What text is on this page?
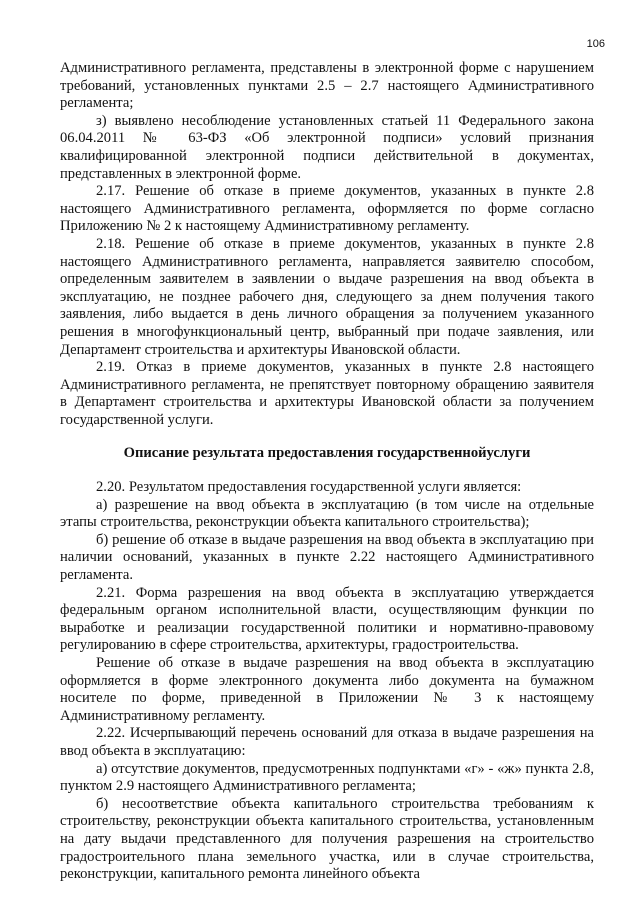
106

Административного регламента, представлены в электронной форме с нарушением требований, установленных пунктами 2.5 – 2.7 настоящего Административного регламента;

з) выявлено несоблюдение установленных статьей 11 Федерального закона 06.04.2011 № 63-ФЗ «Об электронной подписи» условий признания квалифицированной электронной подписи действительной в документах, представленных в электронной форме.

2.17. Решение об отказе в приеме документов, указанных в пункте 2.8 настоящего Административного регламента, оформляется по форме согласно Приложению № 2 к настоящему Административному регламенту.

2.18. Решение об отказе в приеме документов, указанных в пункте 2.8 настоящего Административного регламента, направляется заявителю способом, определенным заявителем в заявлении о выдаче разрешения на ввод объекта в эксплуатацию, не позднее рабочего дня, следующего за днем получения такого заявления, либо выдается в день личного обращения за получением указанного решения в многофункциональный центр, выбранный при подаче заявления, или Департамент строительства и архитектуры Ивановской области.

2.19. Отказ в приеме документов, указанных в пункте 2.8 настоящего Административного регламента, не препятствует повторному обращению заявителя в Департамент строительства и архитектуры Ивановской области за получением государственной услуги.

Описание результата предоставления государственнойуслуги

2.20. Результатом предоставления государственной услуги является:

а) разрешение на ввод объекта в эксплуатацию (в том числе на отдельные этапы строительства, реконструкции объекта капитального строительства);

б) решение об отказе в выдаче разрешения на ввод объекта в эксплуатацию при наличии оснований, указанных в пункте 2.22 настоящего Административного регламента.

2.21. Форма разрешения на ввод объекта в эксплуатацию утверждается федеральным органом исполнительной власти, осуществляющим функции по выработке и реализации государственной политики и нормативно-правовому регулированию в сфере строительства, архитектуры, градостроительства.

Решение об отказе в выдаче разрешения на ввод объекта в эксплуатацию оформляется в форме электронного документа либо документа на бумажном носителе по форме, приведенной в Приложении № 3 к настоящему Административному регламенту.

2.22. Исчерпывающий перечень оснований для отказа в выдаче разрешения на ввод объекта в эксплуатацию:

а) отсутствие документов, предусмотренных подпунктами «г» - «ж» пункта 2.8, пунктом 2.9 настоящего Административного регламента;

б) несоответствие объекта капитального строительства требованиям к строительству, реконструкции объекта капитального строительства, установленным на дату выдачи представленного для получения разрешения на строительство градостроительного плана земельного участка, или в случае строительства, реконструкции, капитального ремонта линейного объекта
